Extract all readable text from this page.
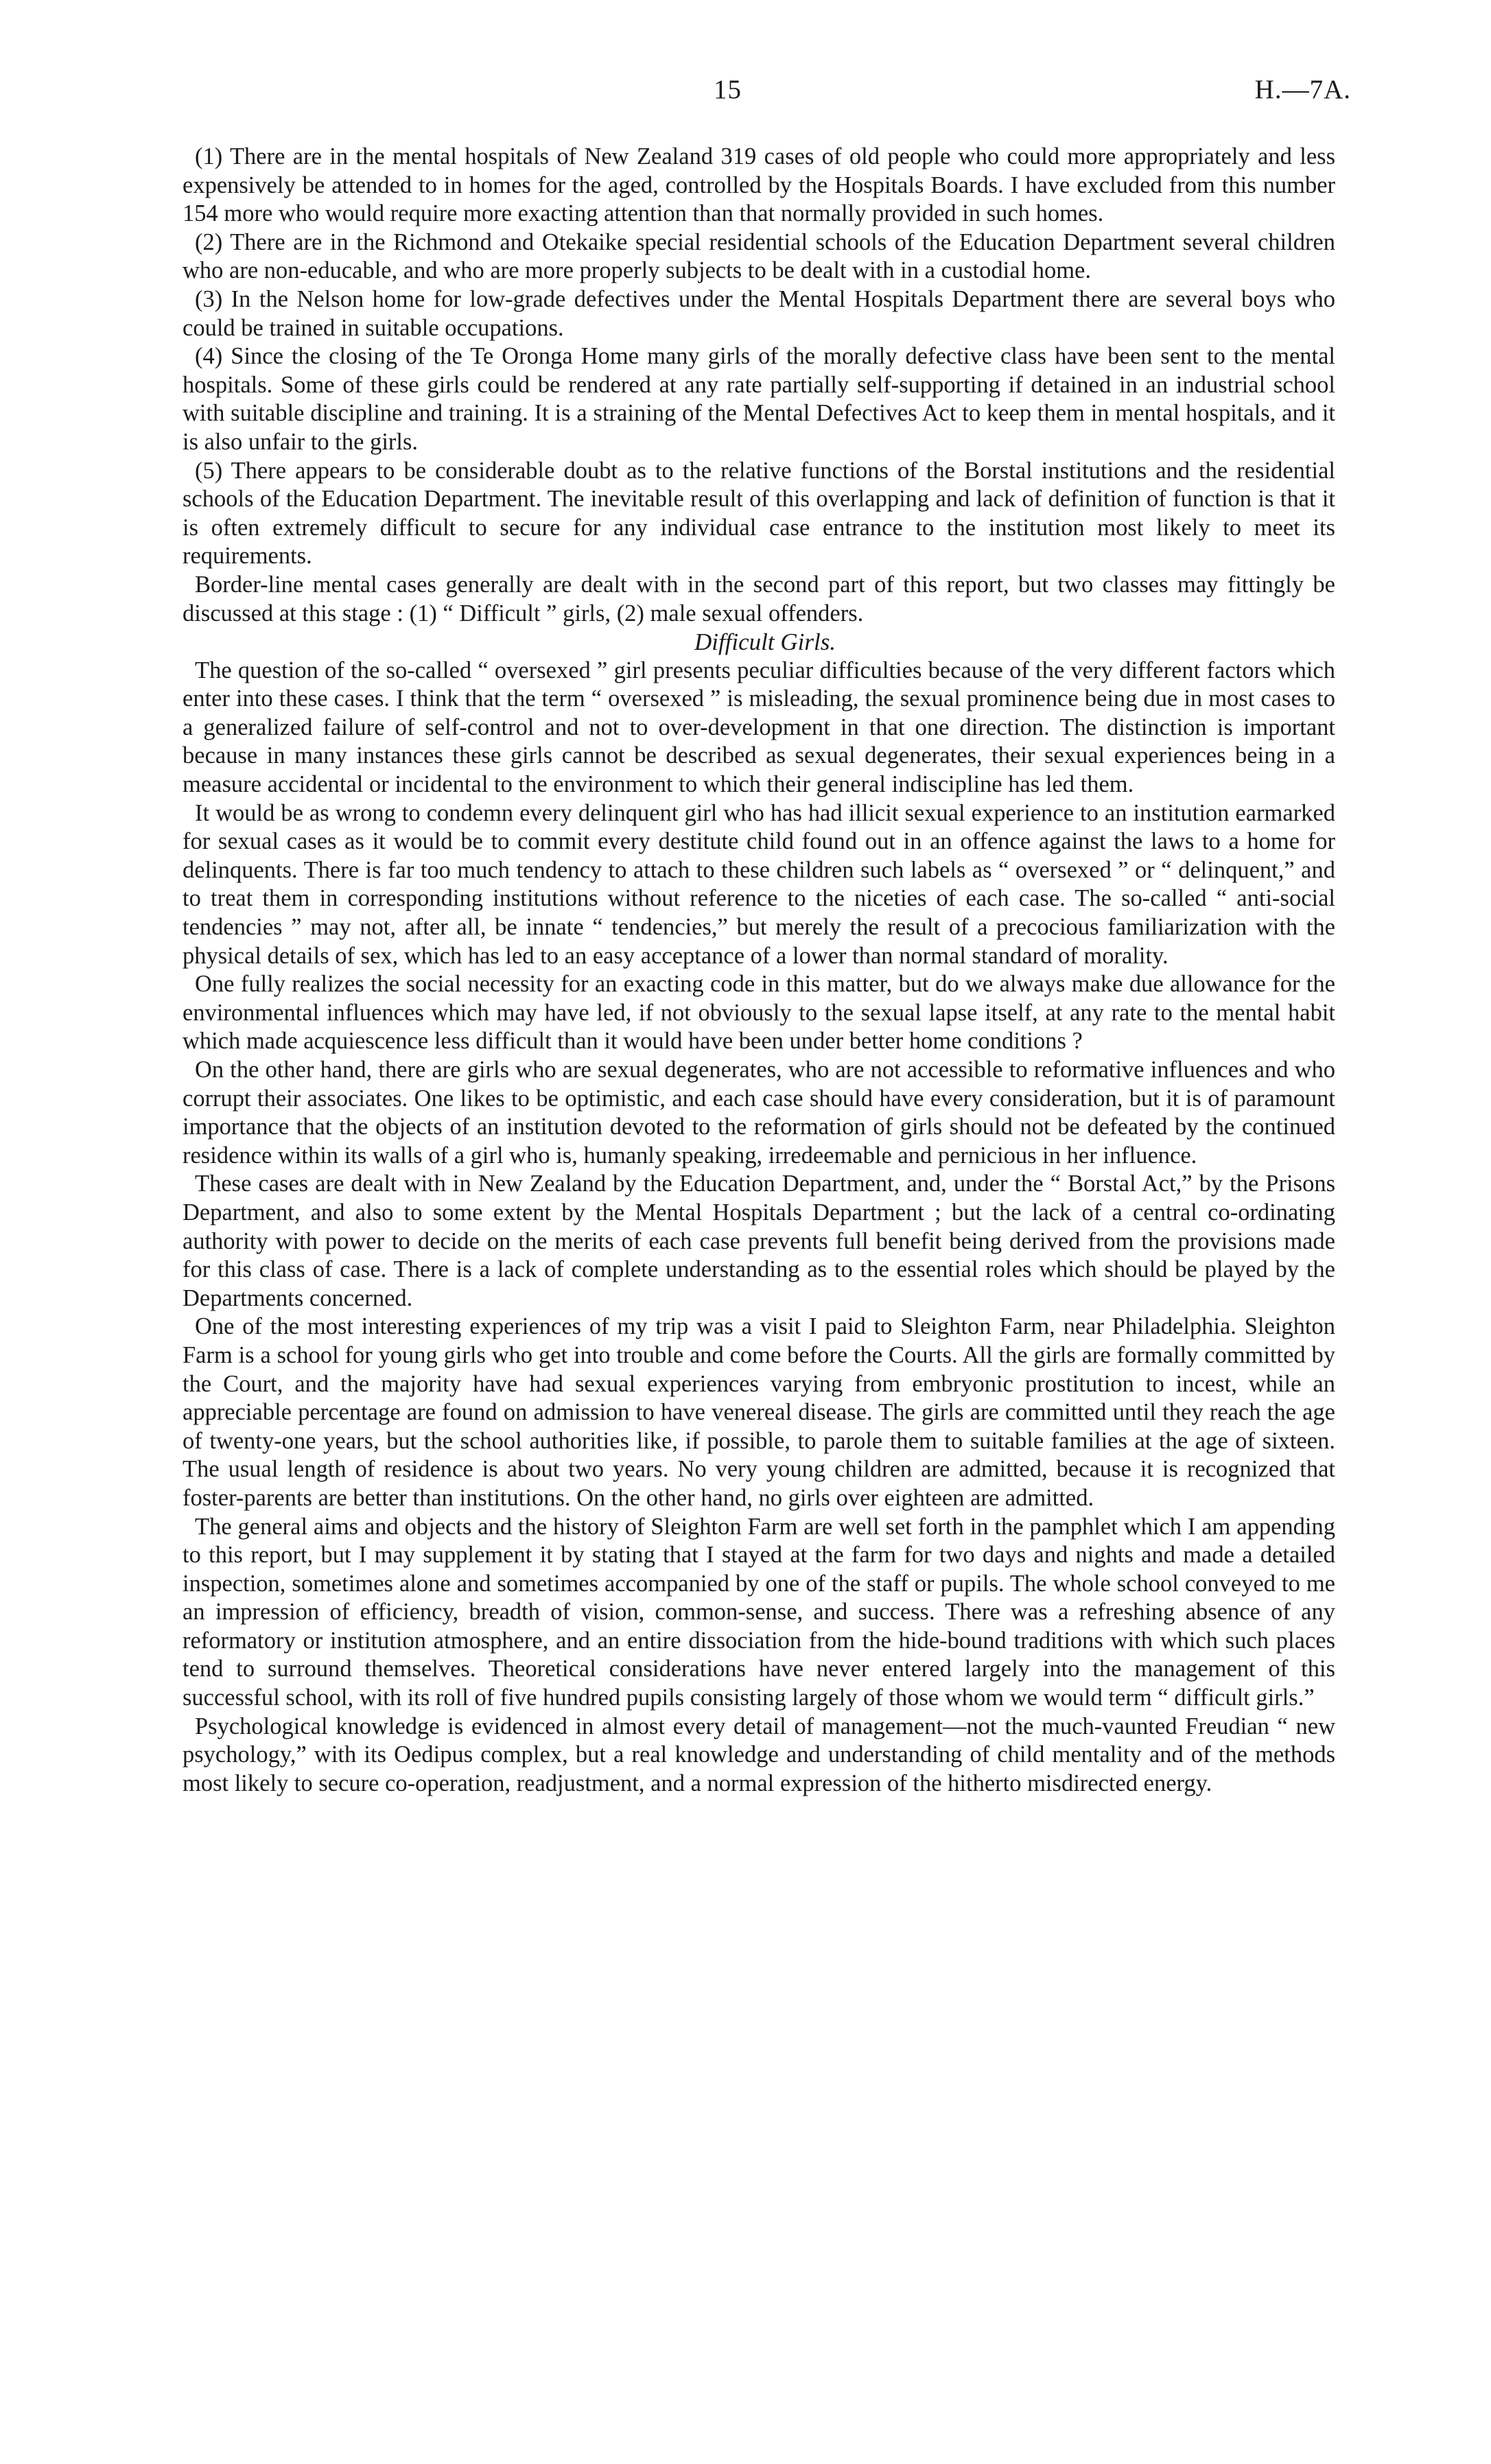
15	H.—7A.

(1) There are in the mental hospitals of New Zealand 319 cases of old people who could more appropriately and less expensively be attended to in homes for the aged, controlled by the Hospitals Boards. I have excluded from this number 154 more who would require more exacting attention than that normally provided in such homes.

(2) There are in the Richmond and Otekaike special residential schools of the Education Department several children who are non-educable, and who are more properly subjects to be dealt with in a custodial home.

(3) In the Nelson home for low-grade defectives under the Mental Hospitals Department there are several boys who could be trained in suitable occupations.

(4) Since the closing of the Te Oronga Home many girls of the morally defective class have been sent to the mental hospitals. Some of these girls could be rendered at any rate partially self-supporting if detained in an industrial school with suitable discipline and training. It is a straining of the Mental Defectives Act to keep them in mental hospitals, and it is also unfair to the girls.

(5) There appears to be considerable doubt as to the relative functions of the Borstal institutions and the residential schools of the Education Department. The inevitable result of this overlapping and lack of definition of function is that it is often extremely difficult to secure for any individual case entrance to the institution most likely to meet its requirements.

Border-line mental cases generally are dealt with in the second part of this report, but two classes may fittingly be discussed at this stage : (1) “ Difficult ” girls, (2) male sexual offenders.

Difficult Girls.

The question of the so-called “ oversexed ” girl presents peculiar difficulties because of the very different factors which enter into these cases. I think that the term “ oversexed ” is misleading, the sexual prominence being due in most cases to a generalized failure of self-control and not to over-development in that one direction. The distinction is important because in many instances these girls cannot be described as sexual degenerates, their sexual experiences being in a measure accidental or incidental to the environment to which their general indiscipline has led them.

It would be as wrong to condemn every delinquent girl who has had illicit sexual experience to an institution earmarked for sexual cases as it would be to commit every destitute child found out in an offence against the laws to a home for delinquents. There is far too much tendency to attach to these children such labels as “ oversexed ” or “ delinquent,” and to treat them in corresponding institutions without reference to the niceties of each case. The so-called “ anti-social tendencies ” may not, after all, be innate “ tendencies,” but merely the result of a precocious familiarization with the physical details of sex, which has led to an easy acceptance of a lower than normal standard of morality.

One fully realizes the social necessity for an exacting code in this matter, but do we always make due allowance for the environmental influences which may have led, if not obviously to the sexual lapse itself, at any rate to the mental habit which made acquiescence less difficult than it would have been under better home conditions ?

On the other hand, there are girls who are sexual degenerates, who are not accessible to reformative influences and who corrupt their associates. One likes to be optimistic, and each case should have every consideration, but it is of paramount importance that the objects of an institution devoted to the reformation of girls should not be defeated by the continued residence within its walls of a girl who is, humanly speaking, irredeemable and pernicious in her influence.

These cases are dealt with in New Zealand by the Education Department, and, under the “ Borstal Act,” by the Prisons Department, and also to some extent by the Mental Hospitals Department ; but the lack of a central co-ordinating authority with power to decide on the merits of each case prevents full benefit being derived from the provisions made for this class of case. There is a lack of complete understanding as to the essential roles which should be played by the Departments concerned.

One of the most interesting experiences of my trip was a visit I paid to Sleighton Farm, near Philadelphia. Sleighton Farm is a school for young girls who get into trouble and come before the Courts. All the girls are formally committed by the Court, and the majority have had sexual experiences varying from embryonic prostitution to incest, while an appreciable percentage are found on admission to have venereal disease. The girls are committed until they reach the age of twenty-one years, but the school authorities like, if possible, to parole them to suitable families at the age of sixteen. The usual length of residence is about two years. No very young children are admitted, because it is recognized that foster-parents are better than institutions. On the other hand, no girls over eighteen are admitted.

The general aims and objects and the history of Sleighton Farm are well set forth in the pamphlet which I am appending to this report, but I may supplement it by stating that I stayed at the farm for two days and nights and made a detailed inspection, sometimes alone and sometimes accompanied by one of the staff or pupils. The whole school conveyed to me an impression of efficiency, breadth of vision, common-sense, and success. There was a refreshing absence of any reformatory or institution atmosphere, and an entire dissociation from the hide-bound traditions with which such places tend to surround themselves. Theoretical considerations have never entered largely into the management of this successful school, with its roll of five hundred pupils consisting largely of those whom we would term “ difficult girls.”

Psychological knowledge is evidenced in almost every detail of management—not the much-vaunted Freudian “ new psychology,” with its Oedipus complex, but a real knowledge and understanding of child mentality and of the methods most likely to secure co-operation, readjustment, and a normal expression of the hitherto misdirected energy.
